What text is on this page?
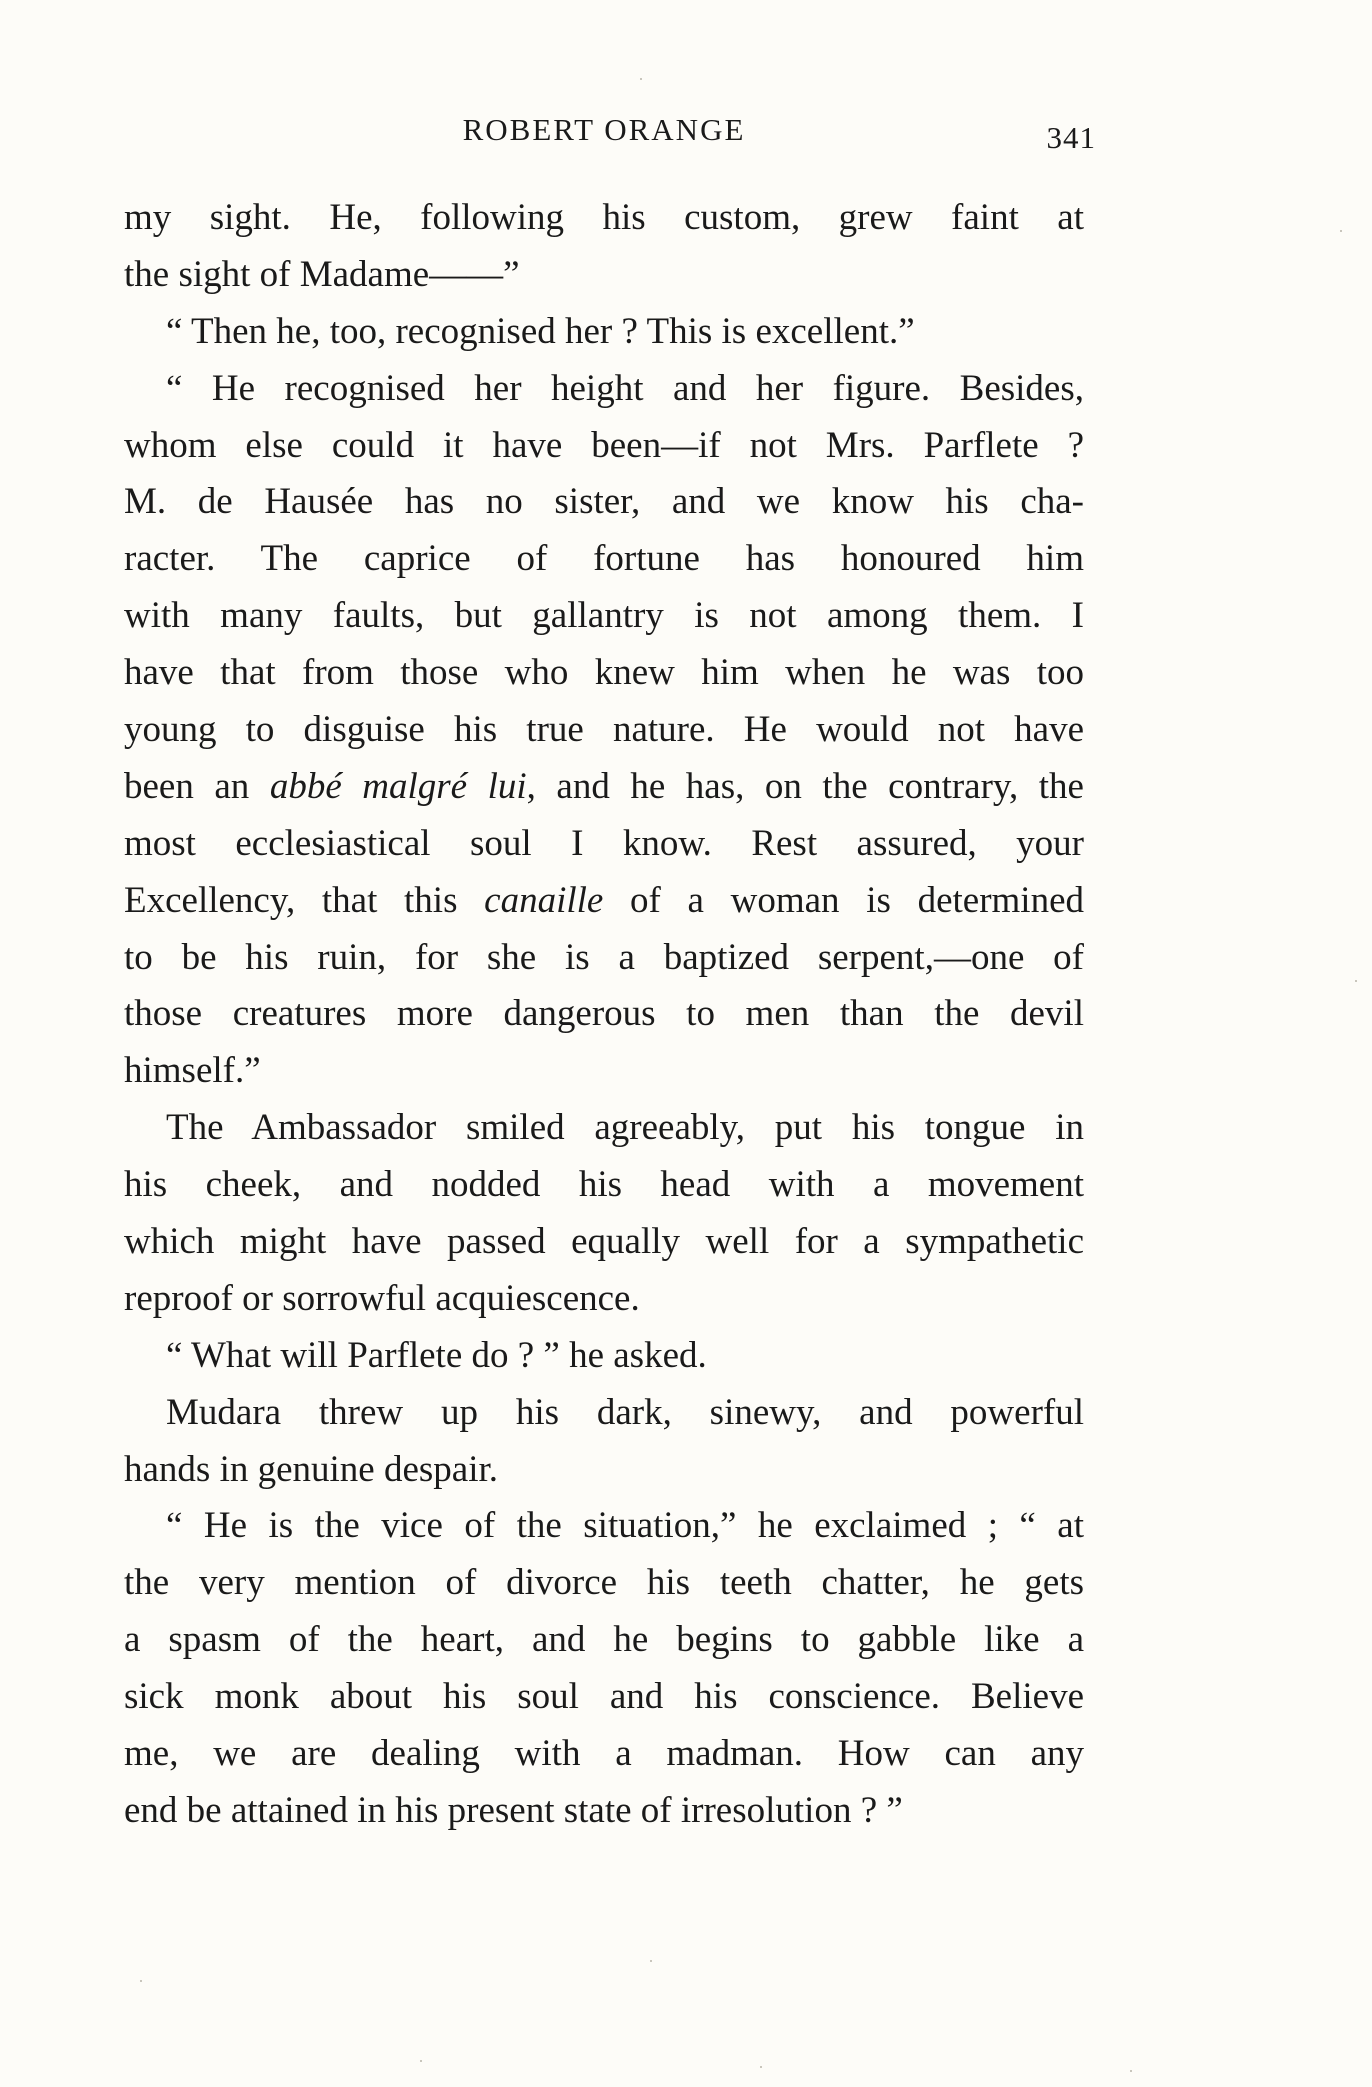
ROBERT ORANGE	341
my sight. He, following his custom, grew faint at
the sight of Madame——”
“ Then he, too, recognised her ? This is excellent.”
“ He recognised her height and her figure. Besides,
whom else could it have been—if not Mrs. Parflete ?
M. de Hausée has no sister, and we know his cha-
racter. The caprice of fortune has honoured him
with many faults, but gallantry is not among them. I
have that from those who knew him when he was too
young to disguise his true nature. He would not have
been an abbé malgré lui, and he has, on the contrary, the
most ecclesiastical soul I know. Rest assured, your
Excellency, that this canaille of a woman is determined
to be his ruin, for she is a baptized serpent,—one of
those creatures more dangerous to men than the devil
himself.”
The Ambassador smiled agreeably, put his tongue in
his cheek, and nodded his head with a movement
which might have passed equally well for a sympathetic
reproof or sorrowful acquiescence.
“ What will Parflete do ? ” he asked.
Mudara threw up his dark, sinewy, and powerful
hands in genuine despair.
“ He is the vice of the situation,” he exclaimed ; “ at
the very mention of divorce his teeth chatter, he gets
a spasm of the heart, and he begins to gabble like a
sick monk about his soul and his conscience. Believe
me, we are dealing with a madman. How can any
end be attained in his present state of irresolution ? ”
